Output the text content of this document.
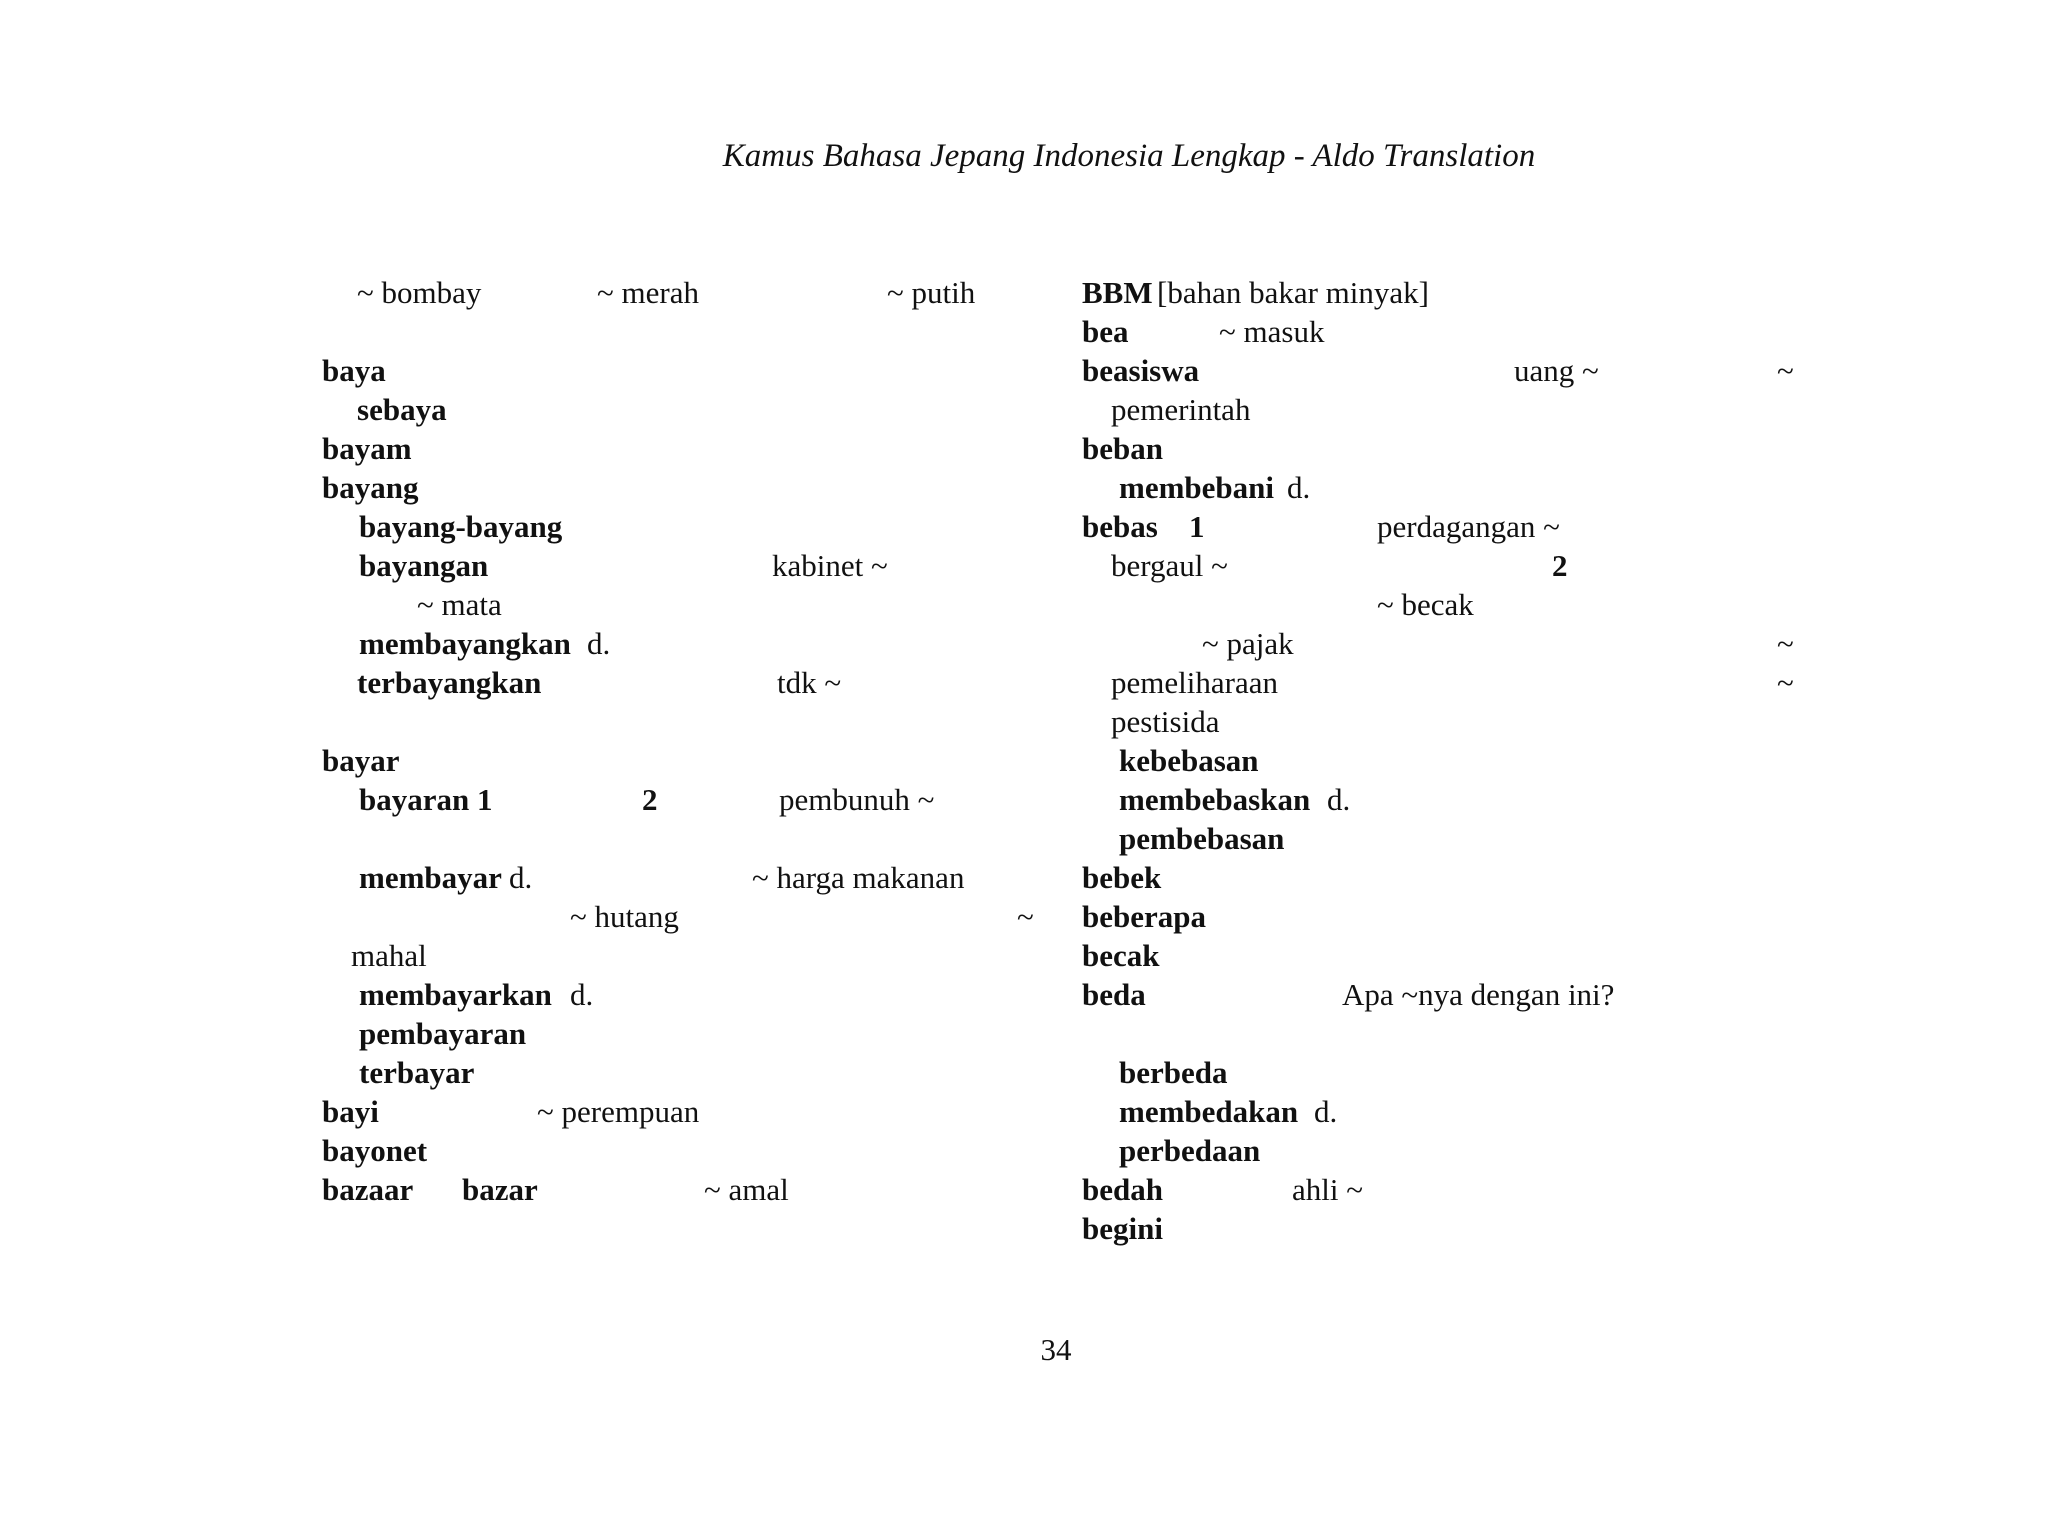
Kamus Bahasa Jepang Indonesia Lengkap - Aldo Translation
~ bombay	~ merah	~ putih
baya
sebaya
bayam
bayang
bayang-bayang
bayangan	kabinet ~
~ mata
membayangkan d.
terbayangkan	tdk ~
bayar
bayaran 1	2	pembunuh ~
membayar d.	~ harga makanan
~ hutang	~
mahal
membayarkan d.
pembayaran
terbayar
bayi	~ perempuan
bayonet
bazaar bazar	~ amal
BBM [bahan bakar minyak]
bea	~ masuk
beasiswa	uang ~	~
pemerintah
beban
membebani d.
bebas 1	perdagangan ~
bergaul ~	2
~ becak
~ pajak	~
pemeliharaan	~
pestisida
kebebasan
membebaskan d.
pembebasan
bebek
beberapa
becak
beda	Apa ~nya dengan ini?
berbeda
membedakan d.
perbedaan
bedah	ahli ~
begini
34
